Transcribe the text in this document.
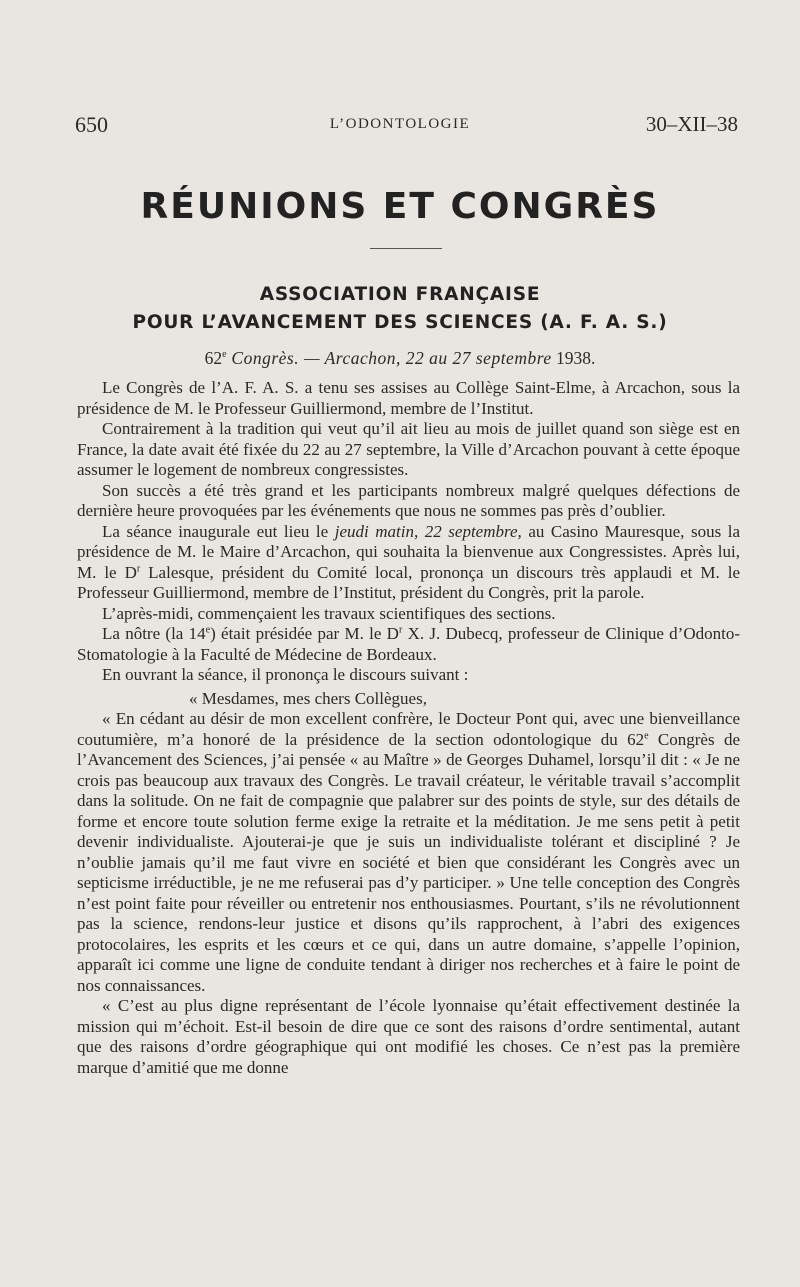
650	L’ODONTOLOGIE	30–XII–38
RÉUNIONS ET CONGRÈS
ASSOCIATION FRANÇAISE
POUR L’AVANCEMENT DES SCIENCES (A. F. A. S.)
62e Congrès. — Arcachon, 22 au 27 septembre 1938.

Le Congrès de l’A. F. A. S. a tenu ses assises au Collège Saint-Elme, à Arcachon, sous la présidence de M. le Professeur Guilliermond, membre de l’Institut.

Contrairement à la tradition qui veut qu’il ait lieu au mois de juillet quand son siège est en France, la date avait été fixée du 22 au 27 septembre, la Ville d’Arcachon pouvant à cette époque assumer le logement de nombreux congressistes.

Son succès a été très grand et les participants nombreux malgré quelques défections de dernière heure provoquées par les événements que nous ne sommes pas près d’oublier.

La séance inaugurale eut lieu le jeudi matin, 22 septembre, au Casino Mauresque, sous la présidence de M. le Maire d’Arcachon, qui souhaita la bienvenue aux Congressistes. Après lui, M. le $D^r$ Lalesque, président du Comité local, prononça un discours très applaudi et M. le Professeur Guilliermond, membre de l’Institut, président du Congrès, prit la parole.

L’après-midi, commençaient les travaux scientifiques des sections.

La nôtre (la 14e) était présidée par M. le $D^r$ X. J. Dubecq, professeur de Clinique d’Odonto-Stomatologie à la Faculté de Médecine de Bordeaux.

En ouvrant la séance, il prononça le discours suivant :

« Mesdames, mes chers Collègues,

« En cédant au désir de mon excellent confrère, le Docteur Pont qui, avec une bienveillance coutumière, m’a honoré de la présidence de la section odontologique du 62e Congrès de l’Avancement des Sciences, j’ai pensée « au Maître » de Georges Duhamel, lorsqu’il dit : « Je ne crois pas beaucoup aux travaux des Congrès. Le travail créateur, le véritable travail s’accomplit dans la solitude. On ne fait de compagnie que palabrer sur des points de style, sur des détails de forme et encore toute solution ferme exige la retraite et la méditation. Je me sens petit à petit devenir individualiste. Ajouterai-je que je suis un individualiste tolérant et discipliné ? Je n’oublie jamais qu’il me faut vivre en société et bien que considérant les Congrès avec un septicisme irréductible, je ne me refuserai pas d’y participer. » Une telle conception des Congrès n’est point faite pour réveiller ou entretenir nos enthousiasmes. Pourtant, s’ils ne révolutionnent pas la science, rendons-leur justice et disons qu’ils rapprochent, à l’abri des exigences protocolaires, les esprits et les cœurs et ce qui, dans un autre domaine, s’appelle l’opinion, apparaît ici comme une ligne de conduite tendant à diriger nos recherches et à faire le point de nos connaissances.

« C’est au plus digne représentant de l’école lyonnaise qu’était effectivement destinée la mission qui m’échoit. Est-il besoin de dire que ce sont des raisons d’ordre sentimental, autant que des raisons d’ordre géographique qui ont modifié les choses. Ce n’est pas la première marque d’amitié que me donne
